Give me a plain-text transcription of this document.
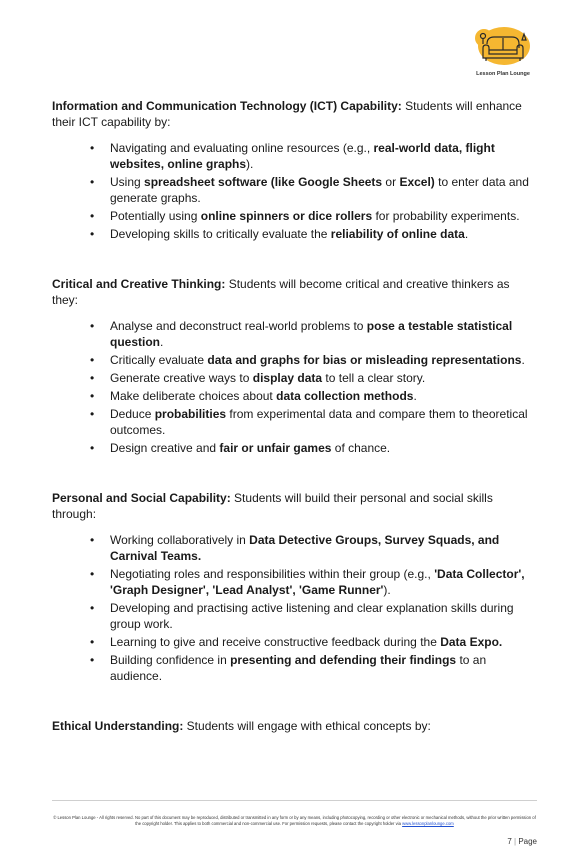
Lesson Plan Lounge

Information and Communication Technology (ICT) Capability: Students will enhance their ICT capability by:

• Navigating and evaluating online resources (e.g., real-world data, flight websites, online graphs).
• Using spreadsheet software (like Google Sheets or Excel) to enter data and generate graphs.
• Potentially using online spinners or dice rollers for probability experiments.
• Developing skills to critically evaluate the reliability of online data.

Critical and Creative Thinking: Students will become critical and creative thinkers as they:

• Analyse and deconstruct real-world problems to pose a testable statistical question.
• Critically evaluate data and graphs for bias or misleading representations.
• Generate creative ways to display data to tell a clear story.
• Make deliberate choices about data collection methods.
• Deduce probabilities from experimental data and compare them to theoretical outcomes.
• Design creative and fair or unfair games of chance.

Personal and Social Capability: Students will build their personal and social skills through:

• Working collaboratively in Data Detective Groups, Survey Squads, and Carnival Teams.
• Negotiating roles and responsibilities within their group (e.g., 'Data Collector', 'Graph Designer', 'Lead Analyst', 'Game Runner').
• Developing and practising active listening and clear explanation skills during group work.
• Learning to give and receive constructive feedback during the Data Expo.
• Building confidence in presenting and defending their findings to an audience.

Ethical Understanding: Students will engage with ethical concepts by:

© Lesson Plan Lounge - All rights reserved. No part of this document may be reproduced, distributed or transmitted in any form or by any means, including photocopying, recording or other electronic or mechanical methods, without the prior written permission of the copyright holder. This applies to both commercial and non-commercial use. For permission requests, please contact the copyright holder via www.lessonplanlounge.com
7 | Page
